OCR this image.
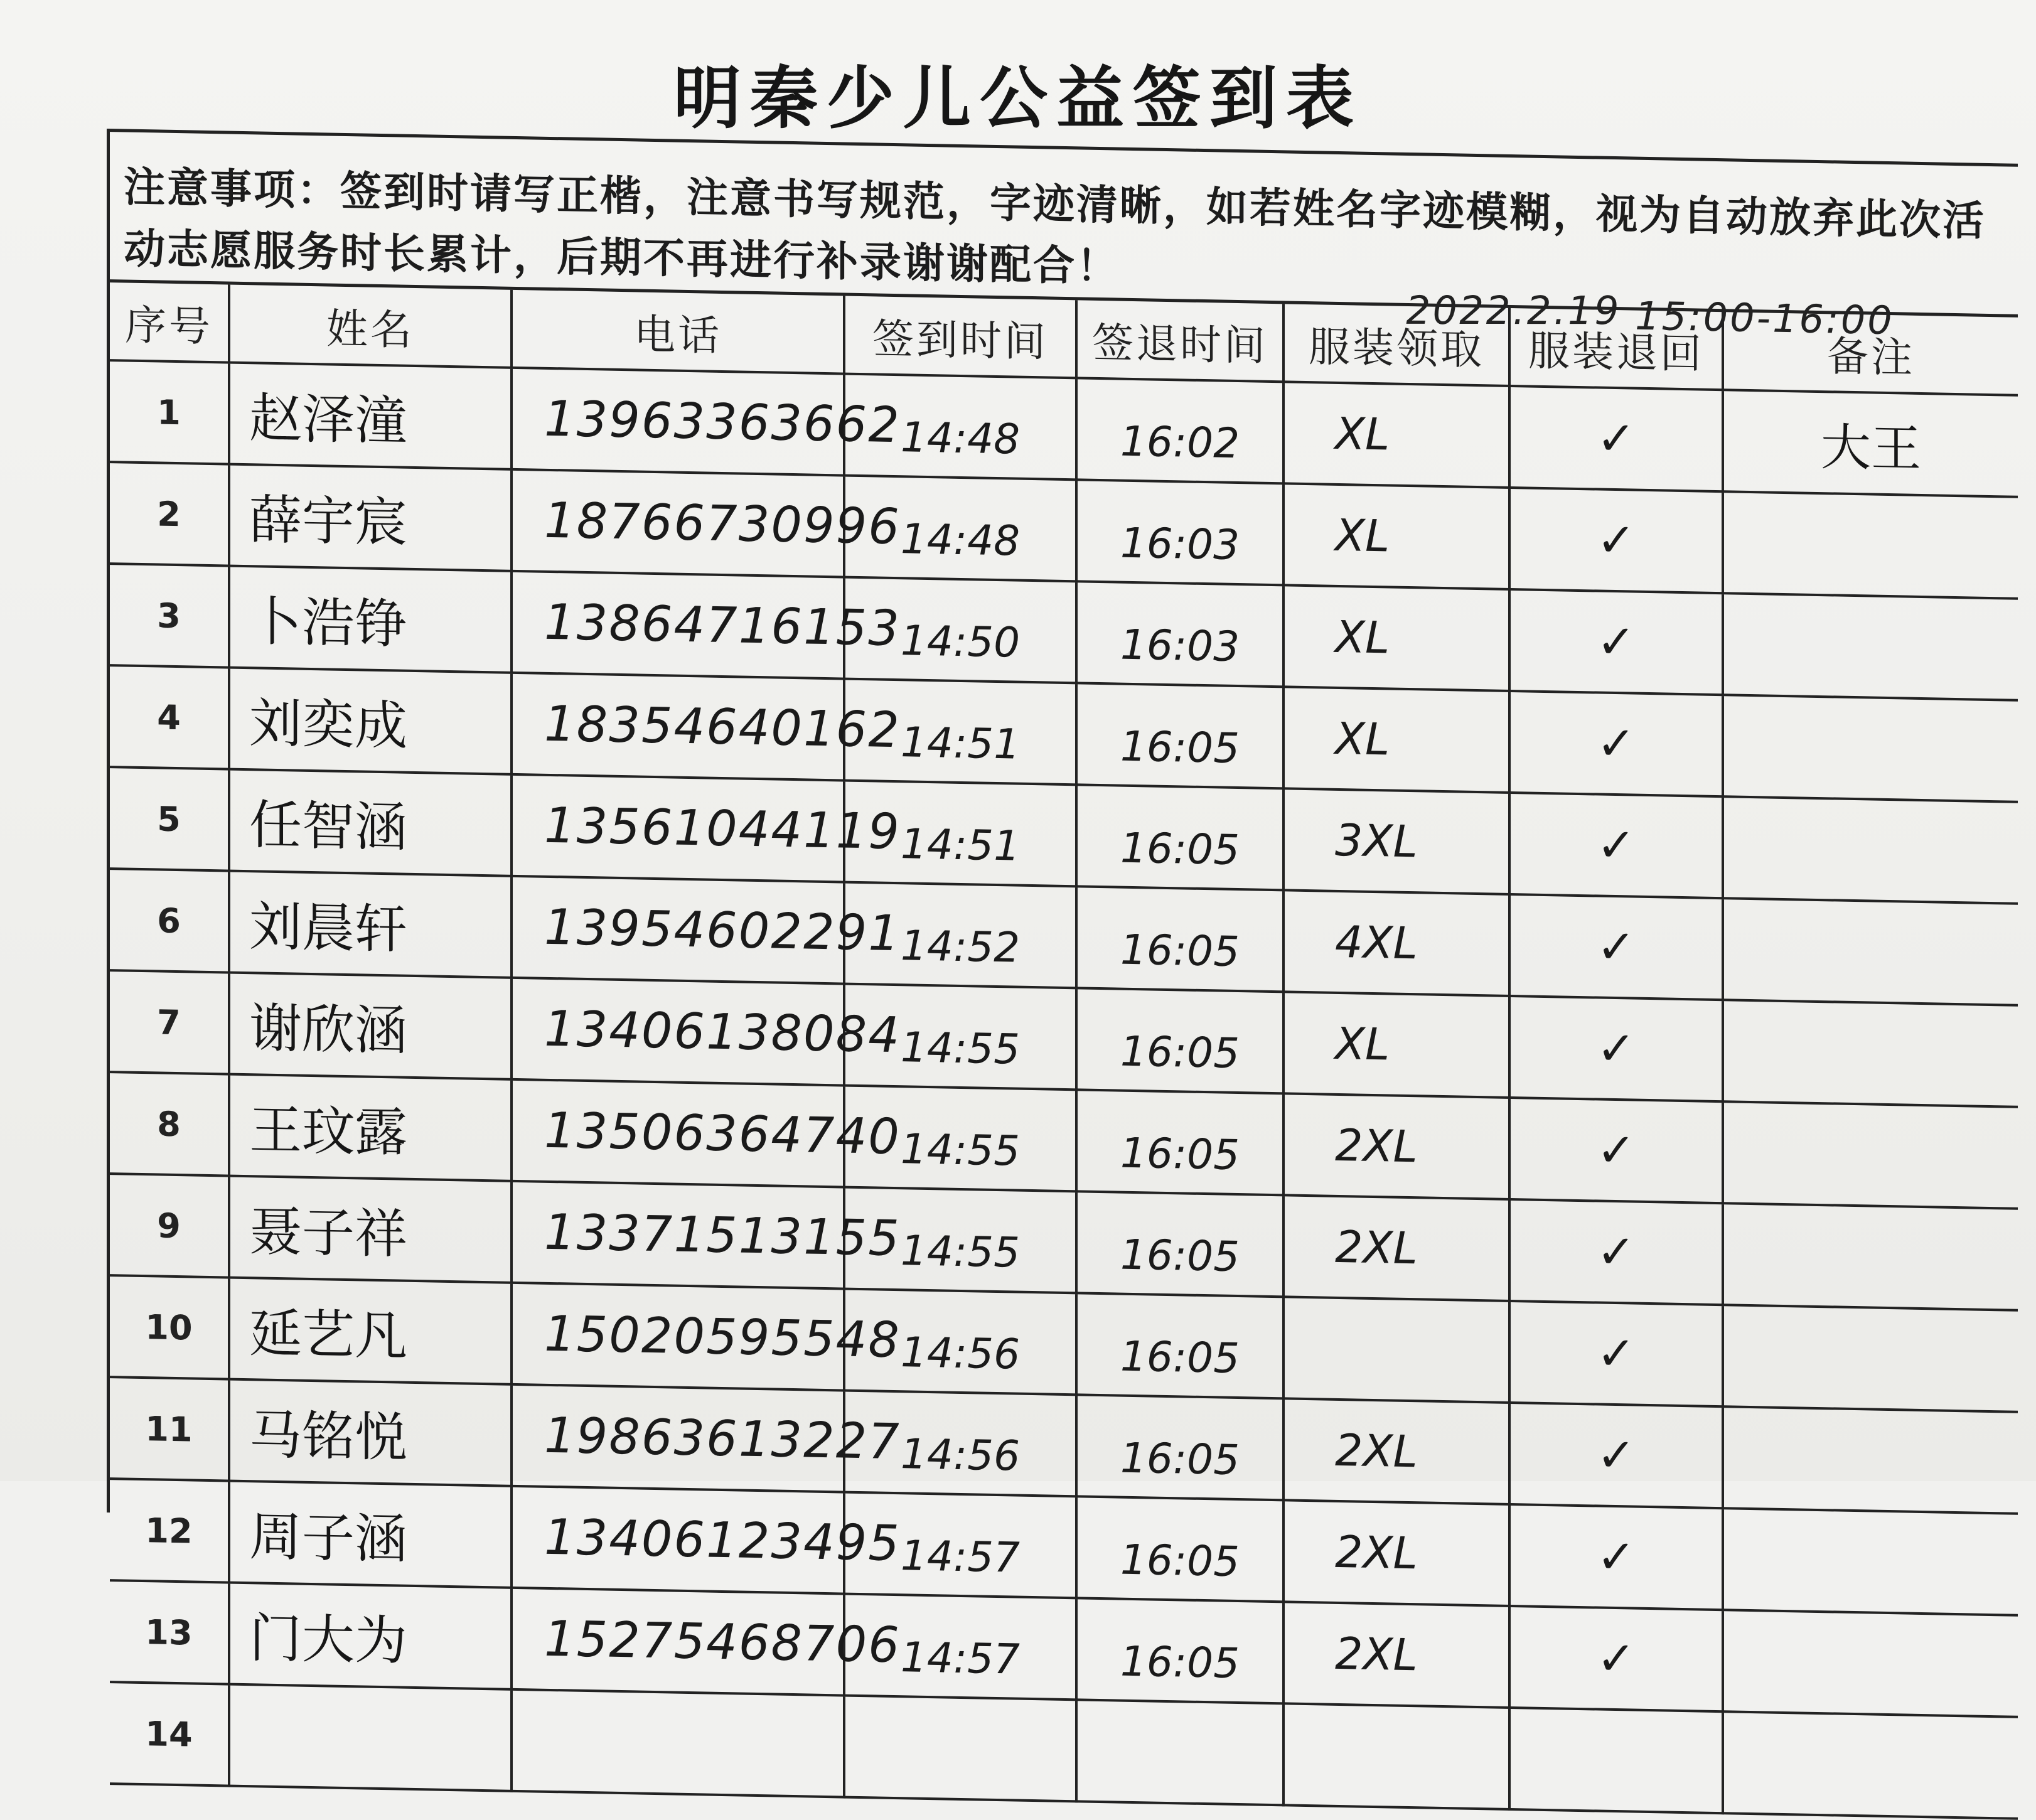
明秦少儿公益签到表
注意事项：签到时请写正楷，注意书写规范，字迹清晰，如若姓名字迹模糊，视为自动放弃此次活动志愿服务时长累计，后期不再进行补录谢谢配合！
2022.2.19 15:00-16:00
序号	姓名	电话	签到时间	签退时间	服装领取	服装退回	备注
1	赵泽潼	13963363662	14:48	16:02	XL	✓	大王
2	薛宇宸	18766730996	14:48	16:03	XL	✓	
3	卜浩铮	13864716153	14:50	16:03	XL	✓	
4	刘奕成	18354640162	14:51	16:05	XL	✓	
5	任智涵	13561044119	14:51	16:05	3XL	✓	
6	刘晨轩	13954602291	14:52	16:05	4XL	✓	
7	谢欣涵	13406138084	14:55	16:05	XL	✓	
8	王玟露	13506364740	14:55	16:05	2XL	✓	
9	聂子祥	13371513155	14:55	16:05	2XL	✓	
10	延艺凡	15020595548	14:56	16:05		✓	
11	马铭悦	19863613227	14:56	16:05	2XL	✓	
12	周子涵	13406123495	14:57	16:05	2XL	✓	
13	门大为	15275468706	14:57	16:05	2XL	✓	
14							
